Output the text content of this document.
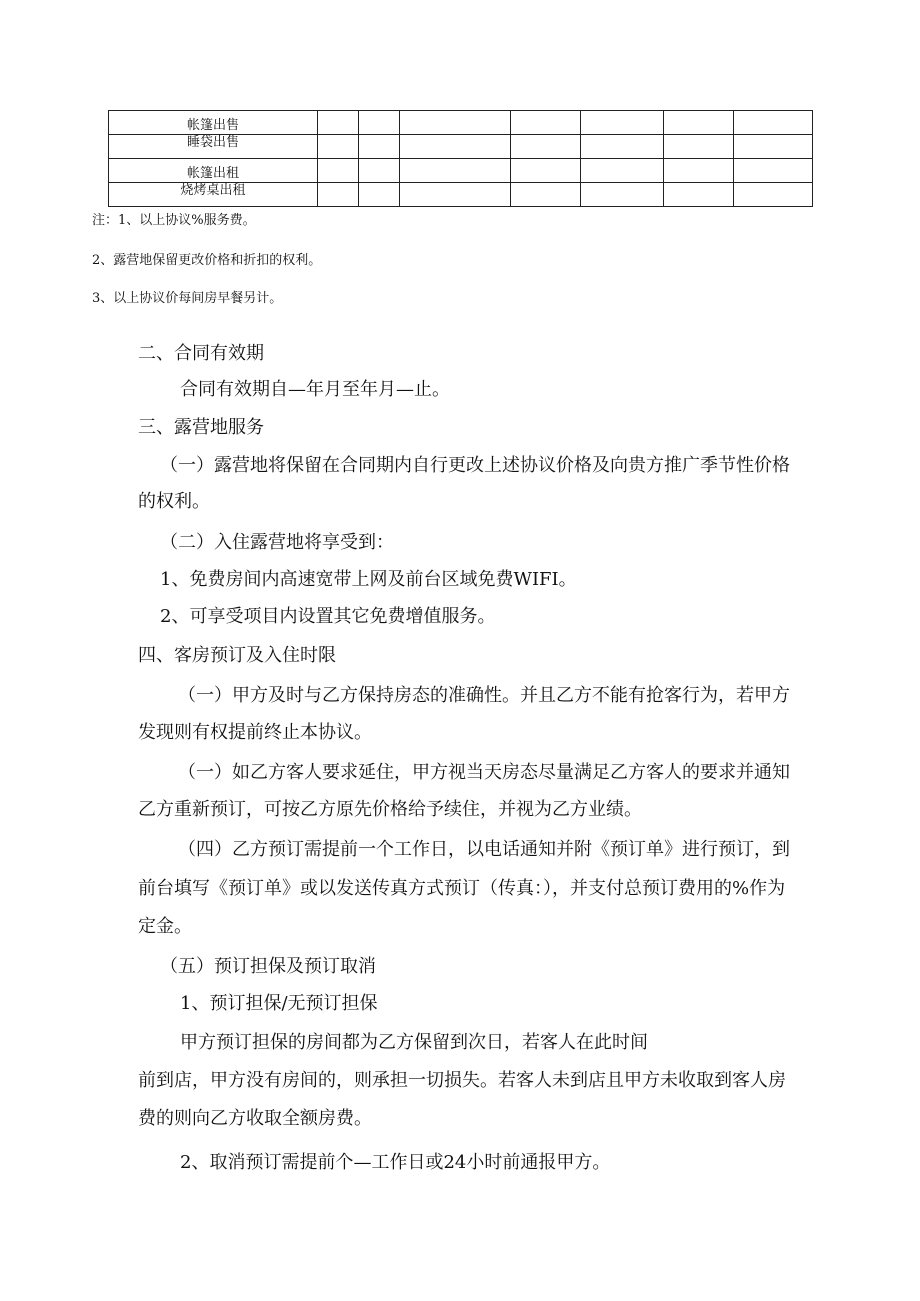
帐篷出售							
睡袋出售							
帐篷出租							
烧烤桌出租							

注：1、以上协议%服务费。

2、露营地保留更改价格和折扣的权利。

3、以上协议价每间房早餐另计。

二、合同有效期

合同有效期自—年月至年月—止。

三、露营地服务

（一）露营地将保留在合同期内自行更改上述协议价格及向贵方推广季节性价格

的权利。

（二）入住露营地将享受到：

1、免费房间内高速宽带上网及前台区域免费WIFI。

2、可享受项目内设置其它免费增值服务。

四、客房预订及入住时限

（一）甲方及时与乙方保持房态的准确性。并且乙方不能有抢客行为，若甲方

发现则有权提前终止本协议。

（一）如乙方客人要求延住，甲方视当天房态尽量满足乙方客人的要求并通知

乙方重新预订，可按乙方原先价格给予续住，并视为乙方业绩。

（四）乙方预订需提前一个工作日，以电话通知并附《预订单》进行预订，到

前台填写《预订单》或以发送传真方式预订（传真：），并支付总预订费用的%作为

定金。

（五）预订担保及预订取消

1、预订担保/无预订担保

甲方预订担保的房间都为乙方保留到次日，若客人在此时间

前到店，甲方没有房间的，则承担一切损失。若客人未到店且甲方未收取到客人房

费的则向乙方收取全额房费。

2、取消预订需提前个—工作日或24小时前通报甲方。
